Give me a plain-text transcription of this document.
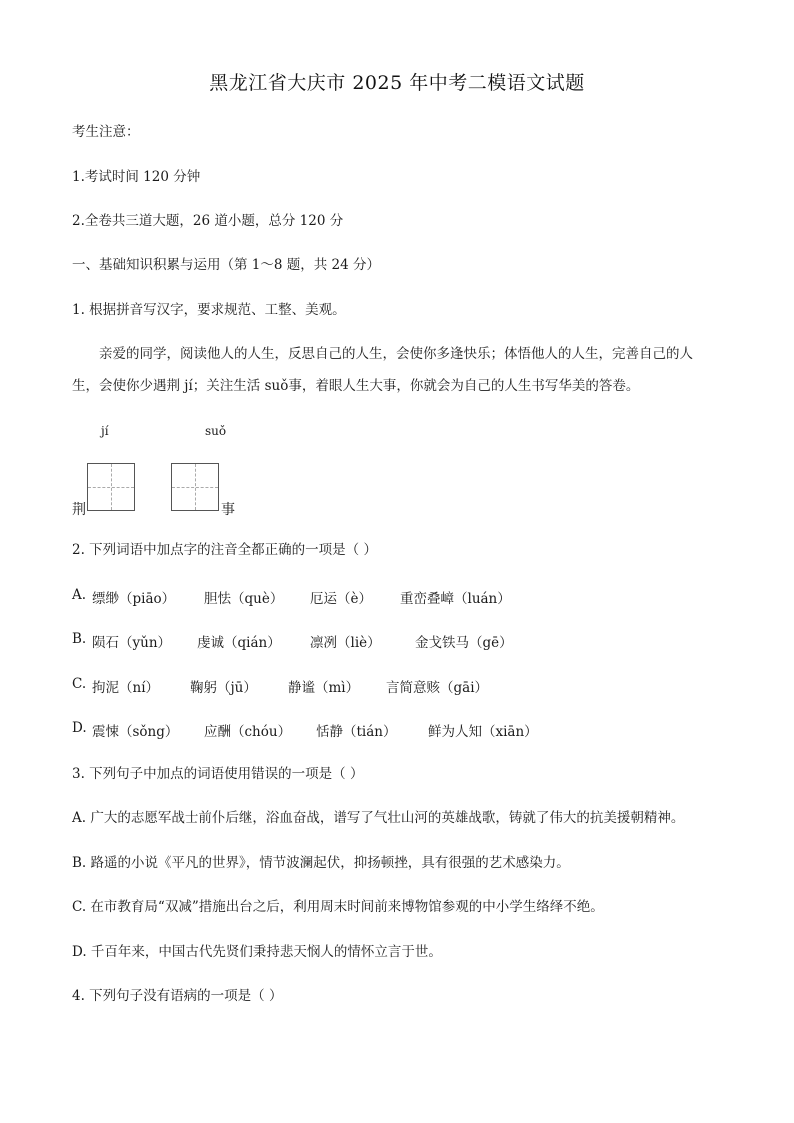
黑龙江省大庆市 2025 年中考二模语文试题
考生注意：
1.考试时间 120 分钟
2.全卷共三道大题，26 道小题，总分 120 分
一、基础知识积累与运用（第 1～8 题，共 24 分）
1. 根据拼音写汉字，要求规范、工整、美观。
亲爱的同学，阅读他人的人生，反思自己的人生，会使你多逢快乐；体悟他人的人生，完善自己的人
生，会使你少遇荆 jí；关注生活 suǒ事，着眼人生大事，你就会为自己的人生书写华美的答卷。
jí	suǒ
荆	事
2. 下列词语中加点字的注音全都正确的一项是（ ）
A. 缥缈（piāo） 胆怯（què） 厄运（è） 重峦叠嶂（luán）
B. 陨石（yǔn） 虔诚（qián） 凛冽（liè）	金戈铁马（gē）
C. 拘泥（ní） 鞠躬（jū） 静谧（mì） 言简意赅（gāi）
D. 震悚（sǒng） 应酬（chóu） 恬静（tián） 鲜为人知（xiān）
3. 下列句子中加点的词语使用错误的一项是（ ）
A. 广大的志愿军战士前仆后继，浴血奋战，谱写了气壮山河的英雄战歌，铸就了伟大的抗美援朝精神。
B. 路遥的小说《平凡的世界》，情节波澜起伏，抑扬顿挫，具有很强的艺术感染力。
C. 在市教育局“双减”措施出台之后，利用周末时间前来博物馆参观的中小学生络绎不绝。
D. 千百年来，中国古代先贤们秉持悲天悯人的情怀立言于世。
4. 下列句子没有语病的一项是（ ）
